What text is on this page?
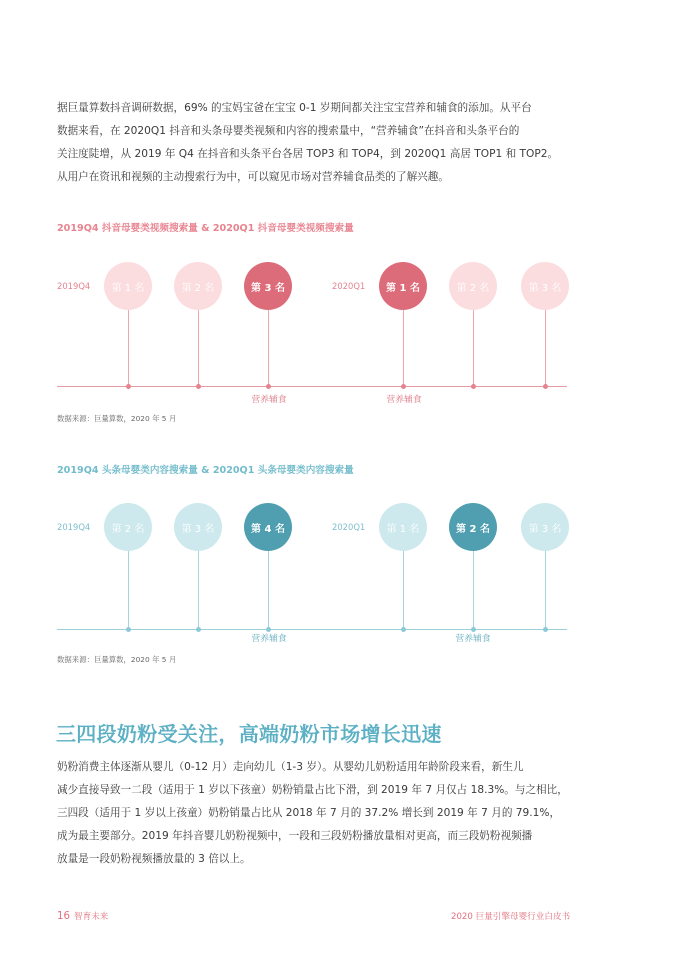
据巨量算数抖音调研数据，69% 的宝妈宝爸在宝宝 0-1 岁期间都关注宝宝营养和辅食的添加。从平台

数据来看，在 2020Q1 抖音和头条母婴类视频和内容的搜索量中，“营养辅食”在抖音和头条平台的

关注度陡增，从 2019 年 Q4 在抖音和头条平台各居 TOP3 和 TOP4，到 2020Q1 高居 TOP1 和 TOP2。

从用户在资讯和视频的主动搜索行为中，可以窥见市场对营养辅食品类的了解兴趣。

2019Q4 抖音母婴类视频搜索量 & 2020Q1 抖音母婴类视频搜索量
2019Q4	2020Q1
第 1 名	第 2 名	第 3 名	第 1 名	第 2 名	第 3 名
营养辅食	营养辅食
数据来源：巨量算数，2020 年 5 月
2019Q4 头条母婴类内容搜索量 & 2020Q1 头条母婴类内容搜索量
2019Q4	2020Q1
第 2 名	第 3 名	第 4 名	第 1 名	第 2 名	第 3 名
营养辅食	营养辅食
数据来源：巨量算数，2020 年 5 月
三四段奶粉受关注，高端奶粉市场增长迅速

奶粉消费主体逐渐从婴儿（0-12 月）走向幼儿（1-3 岁）。从婴幼儿奶粉适用年龄阶段来看，新生儿

减少直接导致一二段（适用于 1 岁以下孩童）奶粉销量占比下滑，到 2019 年 7 月仅占 18.3%。与之相比，

三四段（适用于 1 岁以上孩童）奶粉销量占比从 2018 年 7 月的 37.2% 增长到 2019 年 7 月的 79.1%，

成为最主要部分。2019 年抖音婴儿奶粉视频中，一段和三段奶粉播放量相对更高，而三段奶粉视频播

放量是一段奶粉视频播放量的 3 倍以上。

16 智育未来	2020 巨量引擎母婴行业白皮书
